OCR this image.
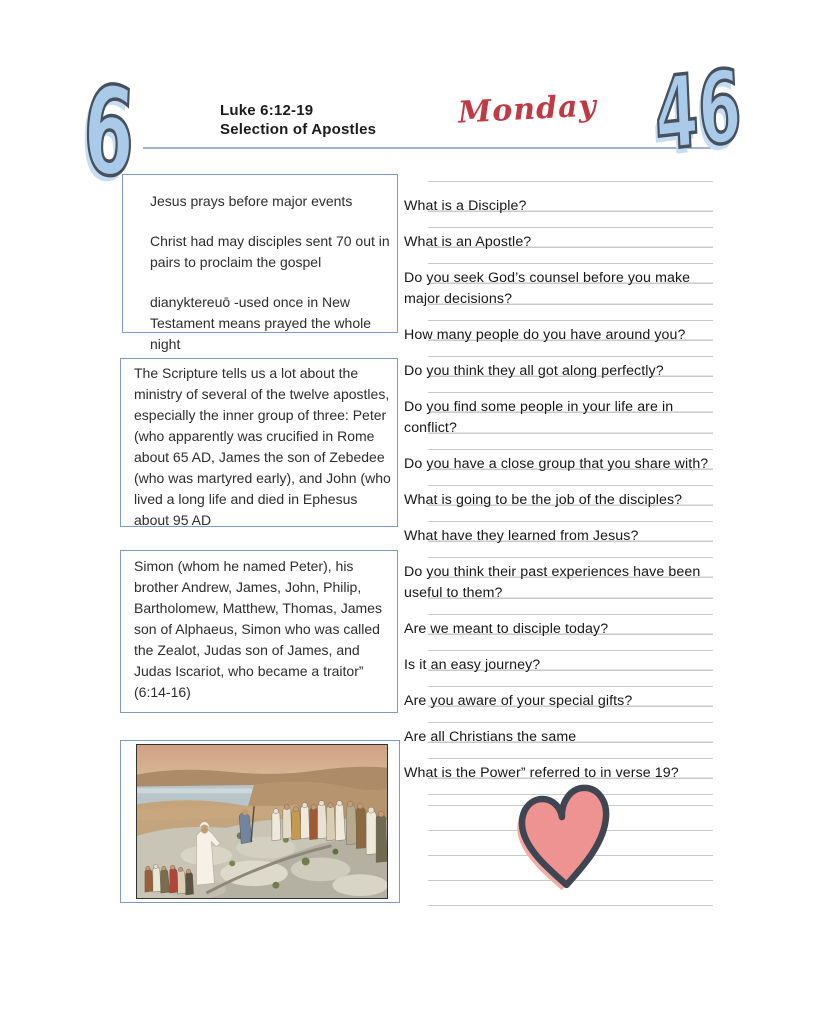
6	46
Luke 6:12-19
Selection of Apostles	Monday

Jesus prays before major events

Christ had may disciples sent 70 out in pairs to proclaim the gospel

dianyktereuō -used once in New Testament means prayed the whole night

The Scripture tells us a lot about the ministry of several of the twelve apostles, especially the inner group of three: Peter (who apparently was crucified in Rome about 65 AD, James the son of Zebedee (who was martyred early), and John (who lived a long life and died in Ephesus about 95 AD

Simon (whom he named Peter), his brother Andrew, James, John, Philip, Bartholomew, Matthew, Thomas, James son of Alphaeus, Simon who was called the Zealot, Judas son of James, and Judas Iscariot, who became a traitor” (6:14-16)

What is a Disciple?
What is an Apostle?
Do you seek God’s counsel before you make major decisions?
How many people do you have around you?
Do you think they all got along perfectly?
Do you find some people in your life are in conflict?
Do you have a close group that you share with?
What is going to be the job of the disciples?
What have they learned from Jesus?
Do you think their past experiences have been useful to them?
Are we meant to disciple today?
Is it an easy journey?
Are you aware of your special gifts?
Are all Christians the same
What is the Power” referred to in verse 19?
